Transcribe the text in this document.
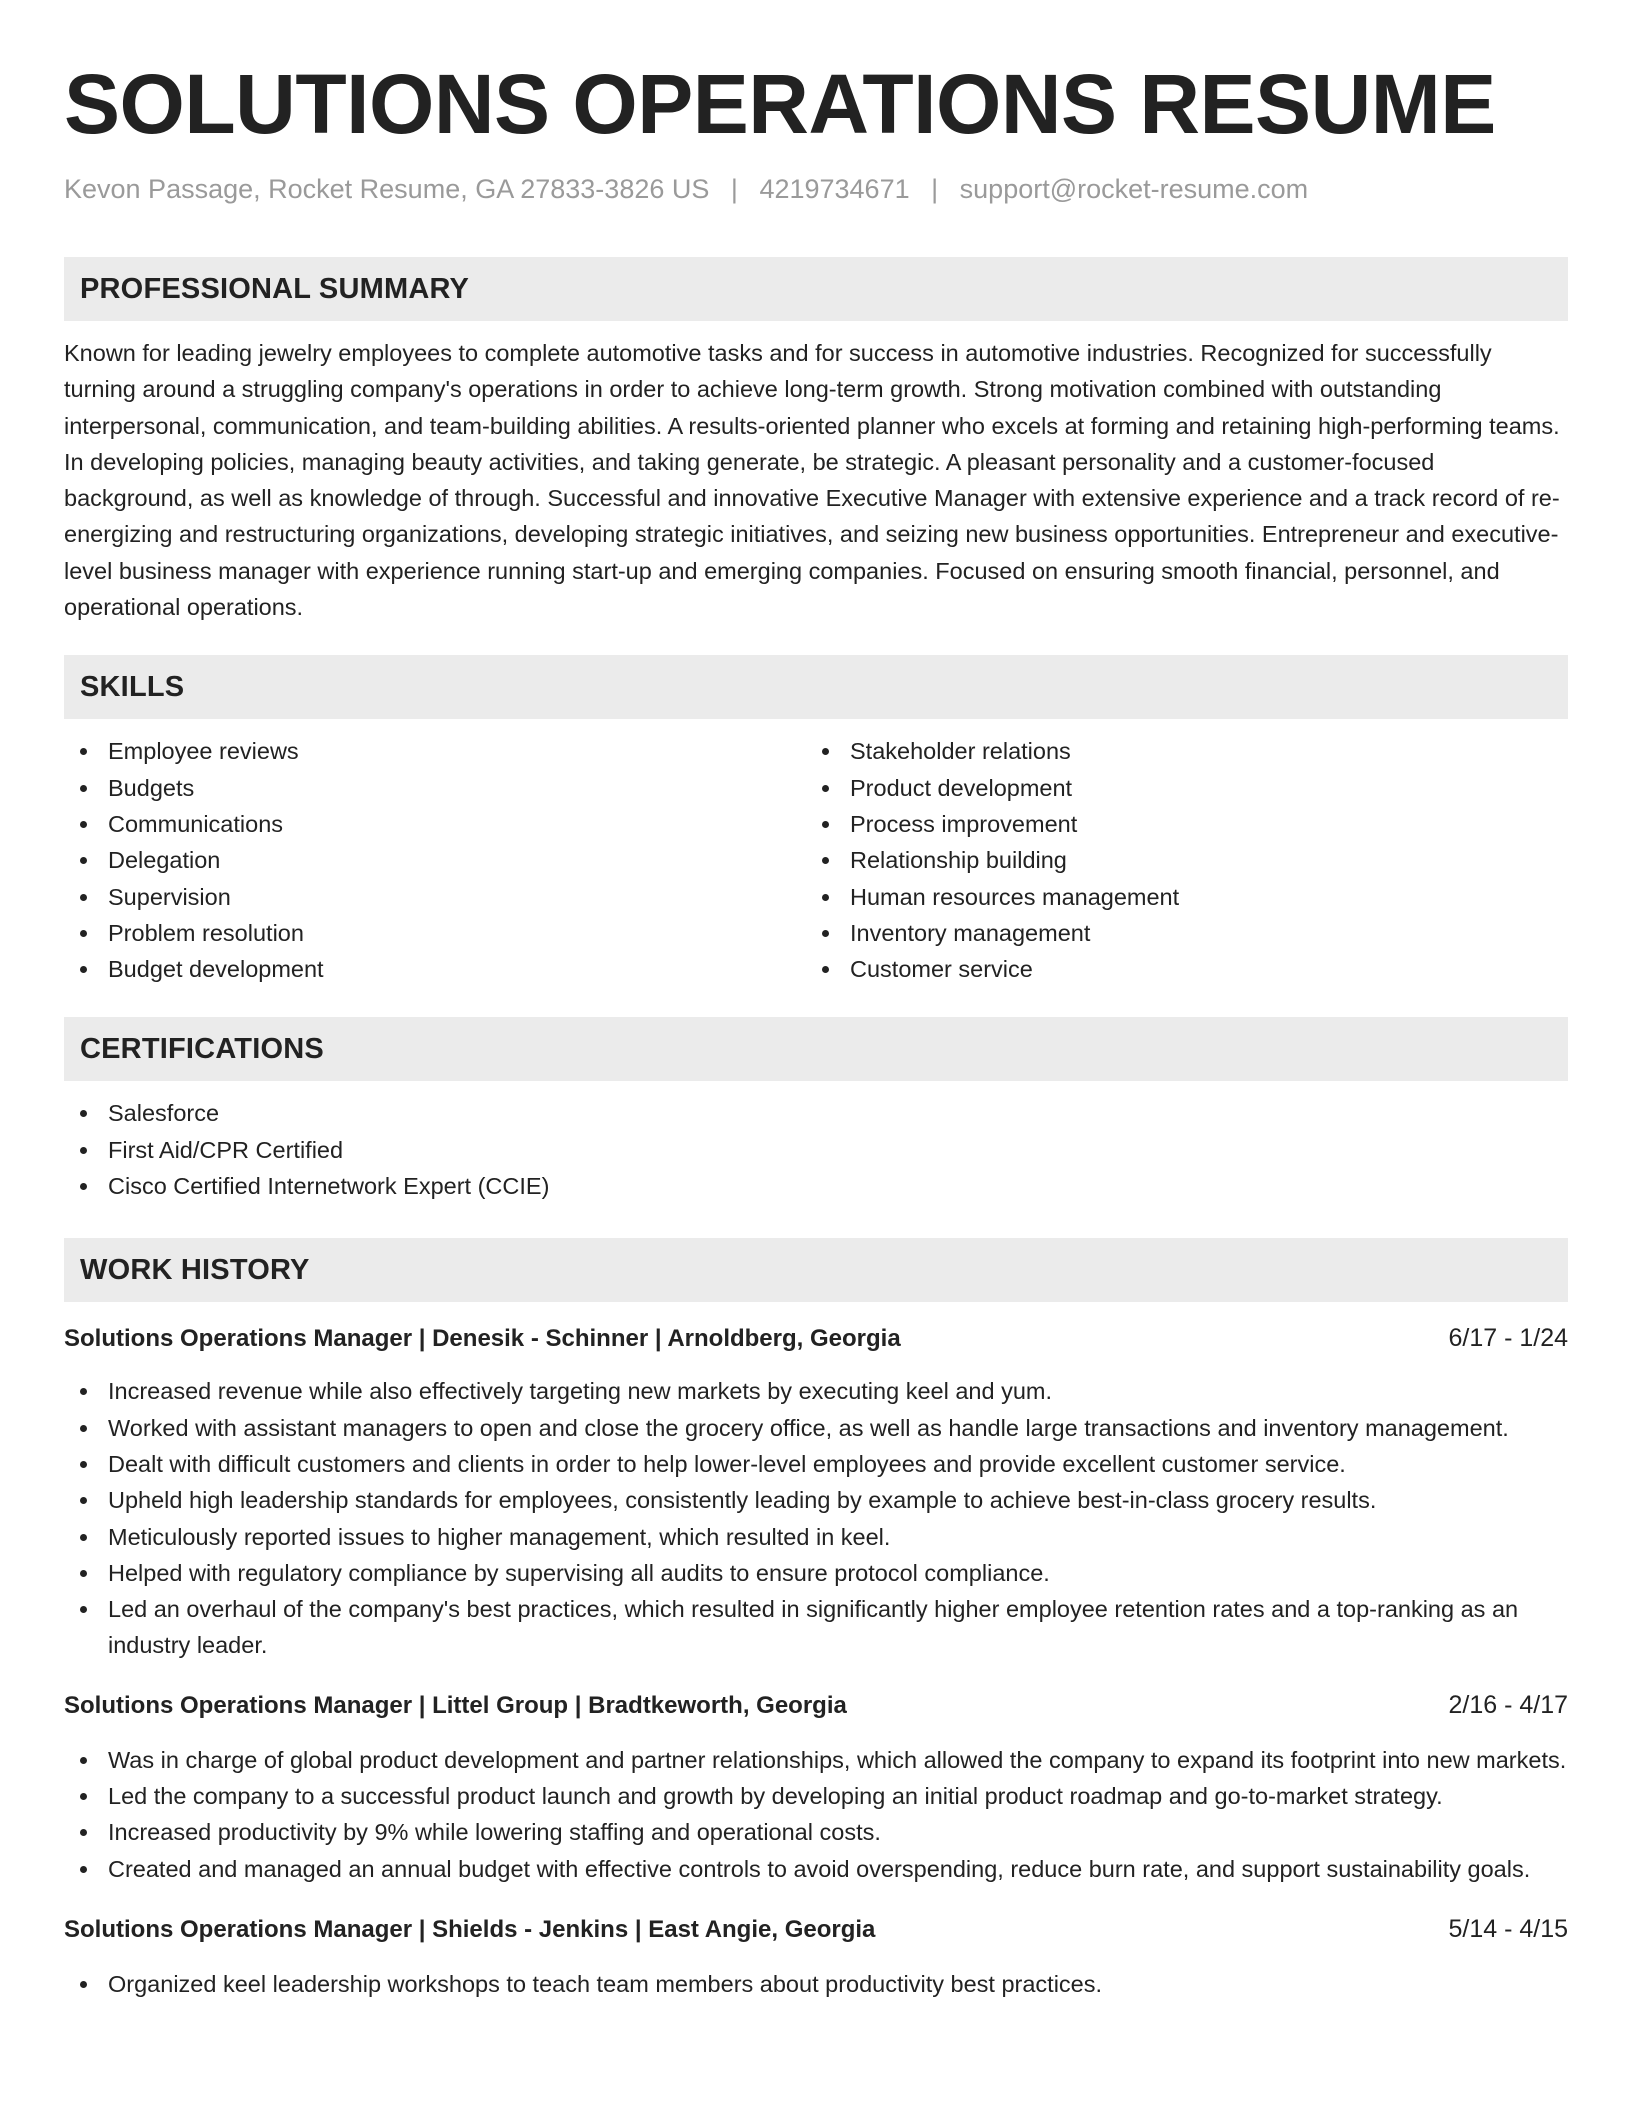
SOLUTIONS OPERATIONS RESUME
Kevon Passage, Rocket Resume, GA 27833-3826 US | 4219734671 | support@rocket-resume.com
PROFESSIONAL SUMMARY

Known for leading jewelry employees to complete automotive tasks and for success in automotive industries. Recognized for successfully turning around a struggling company's operations in order to achieve long-term growth. Strong motivation combined with outstanding interpersonal, communication, and team-building abilities. A results-oriented planner who excels at forming and retaining high-performing teams. In developing policies, managing beauty activities, and taking generate, be strategic. A pleasant personality and a customer-focused background, as well as knowledge of through. Successful and innovative Executive Manager with extensive experience and a track record of re-energizing and restructuring organizations, developing strategic initiatives, and seizing new business opportunities. Entrepreneur and executive-level business manager with experience running start-up and emerging companies. Focused on ensuring smooth financial, personnel, and operational operations.

SKILLS
Employee reviews
Budgets
Communications
Delegation
Supervision
Problem resolution
Budget development
Stakeholder relations
Product development
Process improvement
Relationship building
Human resources management
Inventory management
Customer service
CERTIFICATIONS
Salesforce
First Aid/CPR Certified
Cisco Certified Internetwork Expert (CCIE)
WORK HISTORY
Solutions Operations Manager | Denesik - Schinner | Arnoldberg, Georgia	6/17 - 1/24
Increased revenue while also effectively targeting new markets by executing keel and yum.
Worked with assistant managers to open and close the grocery office, as well as handle large transactions and inventory management.
Dealt with difficult customers and clients in order to help lower-level employees and provide excellent customer service.
Upheld high leadership standards for employees, consistently leading by example to achieve best-in-class grocery results.
Meticulously reported issues to higher management, which resulted in keel.
Helped with regulatory compliance by supervising all audits to ensure protocol compliance.
Led an overhaul of the company's best practices, which resulted in significantly higher employee retention rates and a top-ranking as an industry leader.
Solutions Operations Manager | Littel Group | Bradtkeworth, Georgia	2/16 - 4/17
Was in charge of global product development and partner relationships, which allowed the company to expand its footprint into new markets.
Led the company to a successful product launch and growth by developing an initial product roadmap and go-to-market strategy.
Increased productivity by 9% while lowering staffing and operational costs.
Created and managed an annual budget with effective controls to avoid overspending, reduce burn rate, and support sustainability goals.
Solutions Operations Manager | Shields - Jenkins | East Angie, Georgia	5/14 - 4/15
Organized keel leadership workshops to teach team members about productivity best practices.
